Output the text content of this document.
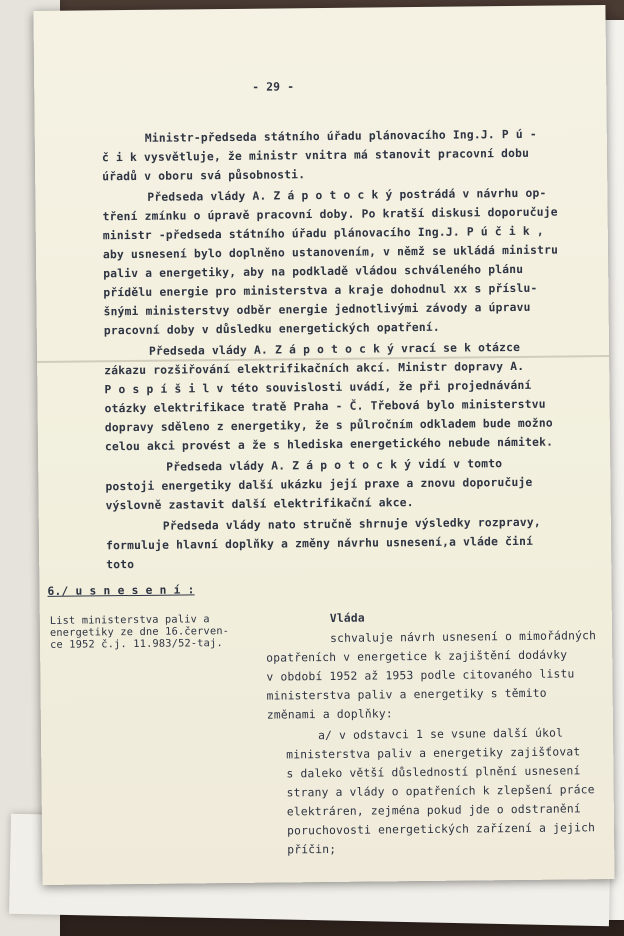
- 29 -
Ministr-předseda státního úřadu plánovacího Ing.J. P ú -
č i k vysvětluje, že ministr vnitra má stanovit pracovní dobu
úřadů v oboru svá působnosti.
Předseda vlády A. Z á p o t o c k ý postrádá v návrhu op-
tření zmínku o úpravě pracovní doby. Po kratší diskusi doporučuje
ministr -předseda státního úřadu plánovacího Ing.J. P ú č i k ,
aby usnesení bylo doplněno ustanovením, v němž se ukládá ministru
paliv a energetiky, aby na podkladě vládou schváleného plánu
přídělu energie pro ministerstva a kraje dohodnul xx s příslu-
šnými ministerstvy odběr energie jednotlivými závody a úpravu
pracovní doby v důsledku energetických opatření.
Předseda vlády A. Z á p o t o c k ý vrací se k otázce
zákazu rozšiřování elektrifikačních akcí. Ministr dopravy A.
P o s p í š i l v této souvislosti uvádí, že při projednávání
otázky elektrifikace tratě Praha - Č. Třebová bylo ministerstvu
dopravy sděleno z energetiky, že s půlročním odkladem bude možno
celou akci provést a že s hlediska energetického nebude námitek.
Předseda vlády A. Z á p o t o c k ý vidí v tomto
postoji energetiky další ukázku její praxe a znovu doporučuje
výslovně zastavit další elektrifikační akce.
Předseda vlády nato stručně shrnuje výsledky rozpravy,
formuluje hlavní doplňky a změny návrhu usnesení,a vláde činí
toto
6./ u s n e s e n í :
List ministerstva paliv a
energetiky ze dne 16.červen-
ce 1952 č.j. 11.983/52-taj.
Vláda
schvaluje návrh usnesení o mimořádných
opatřeních v energetice k zajištění dodávky
v období 1952 až 1953 podle citovaného listu
ministerstva paliv a energetiky s těmito
změnami a doplňky:
a/ v odstavci 1 se vsune další úkol
ministerstva paliv a energetiky zajišťovat
s daleko větší důsledností plnění usnesení
strany a vlády o opatřeních k zlepšení práce
elektráren, zejména pokud jde o odstranění
poruchovosti energetických zařízení a jejich
příčin;
